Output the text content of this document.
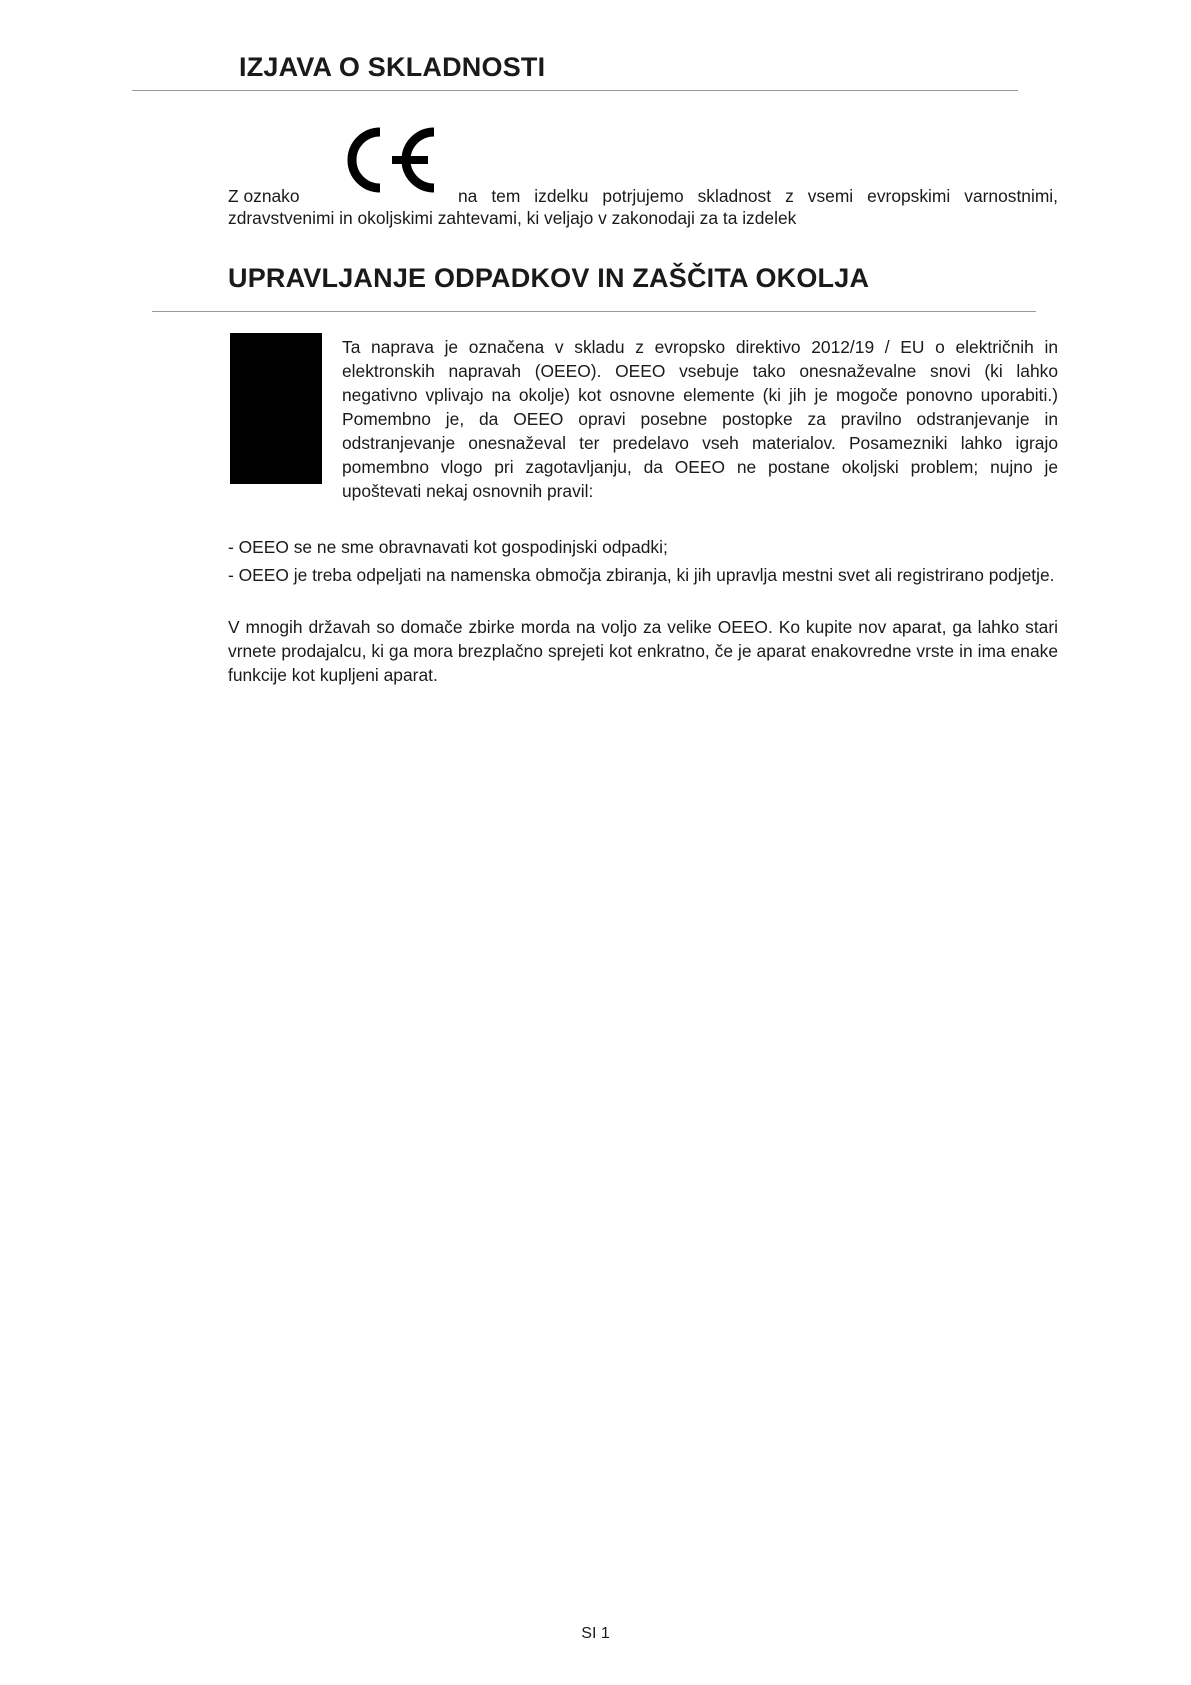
IZJAVA O SKLADNOSTI
Z oznako	na tem izdelku potrjujemo skladnost z vsemi evropskimi varnostnimi,

zdravstvenimi in okoljskimi zahtevami, ki veljajo v zakonodaji za ta izdelek

UPRAVLJANJE ODPADKOV IN ZAŠČITA OKOLJA

Ta naprava je označena v skladu z evropsko direktivo 2012/19 / EU o električnih in elektronskih napravah (OEEO). OEEO vsebuje tako onesnaževalne snovi (ki lahko negativno vplivajo na okolje) kot osnovne elemente (ki jih je mogoče ponovno uporabiti.) Pomembno je, da OEEO opravi posebne postopke za pravilno odstranjevanje in odstranjevanje onesnaževal ter predelavo vseh materialov. Posamezniki lahko igrajo pomembno vlogo pri zagotavljanju, da OEEO ne postane okoljski problem; nujno je upoštevati nekaj osnovnih pravil:

- OEEO se ne sme obravnavati kot gospodinjski odpadki;

- OEEO je treba odpeljati na namenska območja zbiranja, ki jih upravlja mestni svet ali registrirano podjetje.

V mnogih državah so domače zbirke morda na voljo za velike OEEO. Ko kupite nov aparat, ga lahko stari vrnete prodajalcu, ki ga mora brezplačno sprejeti kot enkratno, če je aparat enakovredne vrste in ima enake funkcije kot kupljeni aparat.

SI 1
